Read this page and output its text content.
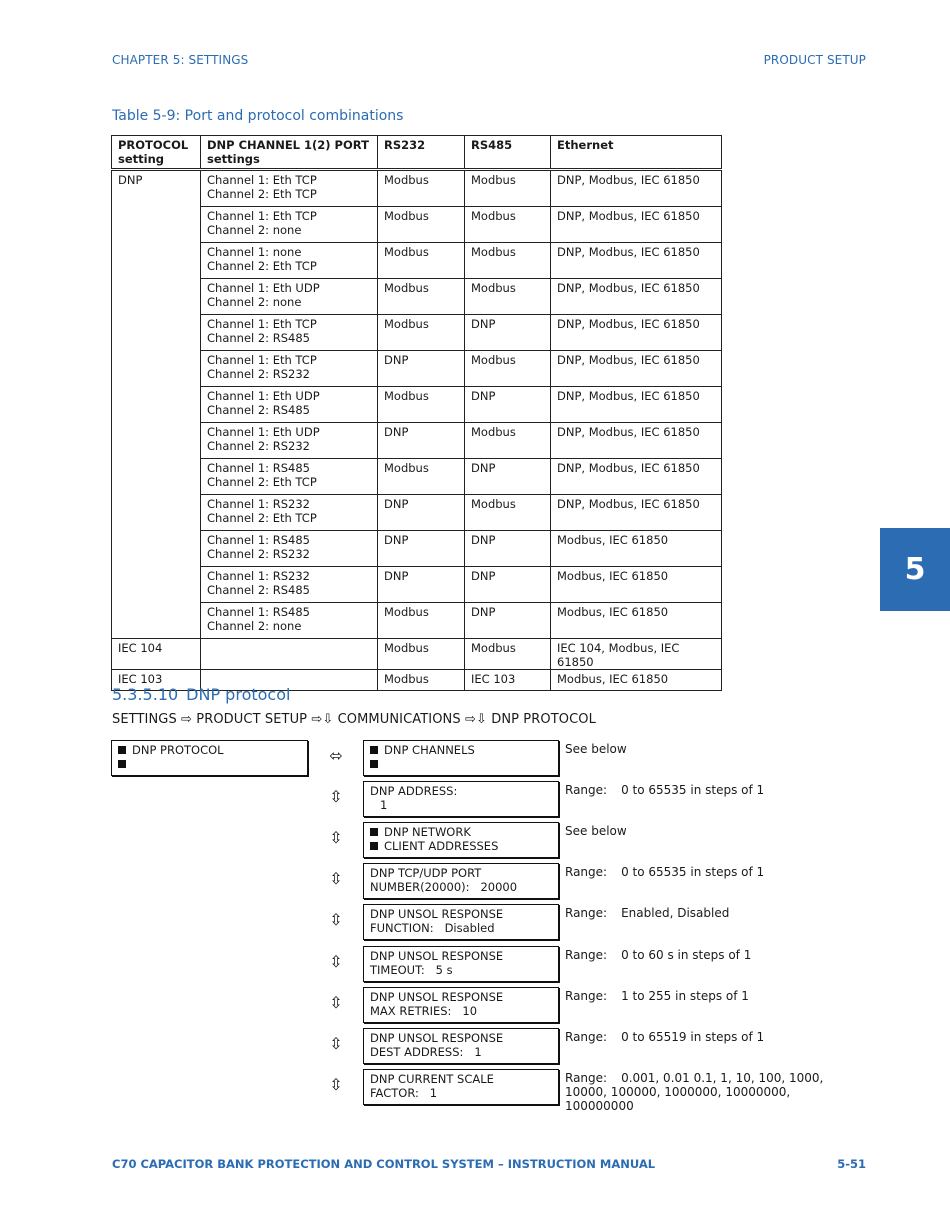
CHAPTER 5: SETTINGS	PRODUCT SETUP
5
Table 5-9: Port and protocol combinations
PROTOCOL
setting	DNP CHANNEL 1(2) PORT
settings	RS232	RS485	Ethernet

DNP	Channel 1: Eth TCP
Channel 2: Eth TCP	Modbus	Modbus	DNP, Modbus, IEC 61850

	Channel 1: Eth TCP
Channel 2: none	Modbus	Modbus	DNP, Modbus, IEC 61850

	Channel 1: none
Channel 2: Eth TCP	Modbus	Modbus	DNP, Modbus, IEC 61850

	Channel 1: Eth UDP
Channel 2: none	Modbus	Modbus	DNP, Modbus, IEC 61850

	Channel 1: Eth TCP
Channel 2: RS485	Modbus	DNP	DNP, Modbus, IEC 61850

	Channel 1: Eth TCP
Channel 2: RS232	DNP	Modbus	DNP, Modbus, IEC 61850

	Channel 1: Eth UDP
Channel 2: RS485	Modbus	DNP	DNP, Modbus, IEC 61850

	Channel 1: Eth UDP
Channel 2: RS232	DNP	Modbus	DNP, Modbus, IEC 61850

	Channel 1: RS485
Channel 2: Eth TCP	Modbus	DNP	DNP, Modbus, IEC 61850

	Channel 1: RS232
Channel 2: Eth TCP	DNP	Modbus	DNP, Modbus, IEC 61850

	Channel 1: RS485
Channel 2: RS232	DNP	DNP	Modbus, IEC 61850

	Channel 1: RS232
Channel 2: RS485	DNP	DNP	Modbus, IEC 61850

	Channel 1: RS485
Channel 2: none	Modbus	DNP	Modbus, IEC 61850
IEC 104		Modbus	Modbus	IEC 104, Modbus, IEC 61850
IEC 103		Modbus	IEC 103	Modbus, IEC 61850
5.3.5.10 DNP protocol
SETTINGS ⇨ PRODUCT SETUP ⇨⇩ COMMUNICATIONS ⇨⇩ DNP PROTOCOL
DNP PROTOCOL	⬄	DNP CHANNELS	See below
⇳ DNP ADDRESS:
1
Range: 0 to 65535 in steps of 1
⇳	DNP NETWORK
CLIENT ADDRESSES
See below
⇳ DNP TCP/UDP PORT
NUMBER(20000):   20000
Range: 0 to 65535 in steps of 1
⇳ DNP UNSOL RESPONSE
FUNCTION:   Disabled
Range: Enabled, Disabled
⇳ DNP UNSOL RESPONSE
TIMEOUT:   5 s
Range: 0 to 60 s in steps of 1
⇳ DNP UNSOL RESPONSE
MAX RETRIES:   10
Range: 1 to 255 in steps of 1
⇳ DNP UNSOL RESPONSE
DEST ADDRESS:   1
Range: 0 to 65519 in steps of 1
⇳ DNP CURRENT SCALE
FACTOR:   1
Range: 0.001, 0.01 0.1, 1, 10, 100, 1000, 10000, 100000, 1000000, 10000000, 100000000
C70 CAPACITOR BANK PROTECTION AND CONTROL SYSTEM – INSTRUCTION MANUAL	5-51
